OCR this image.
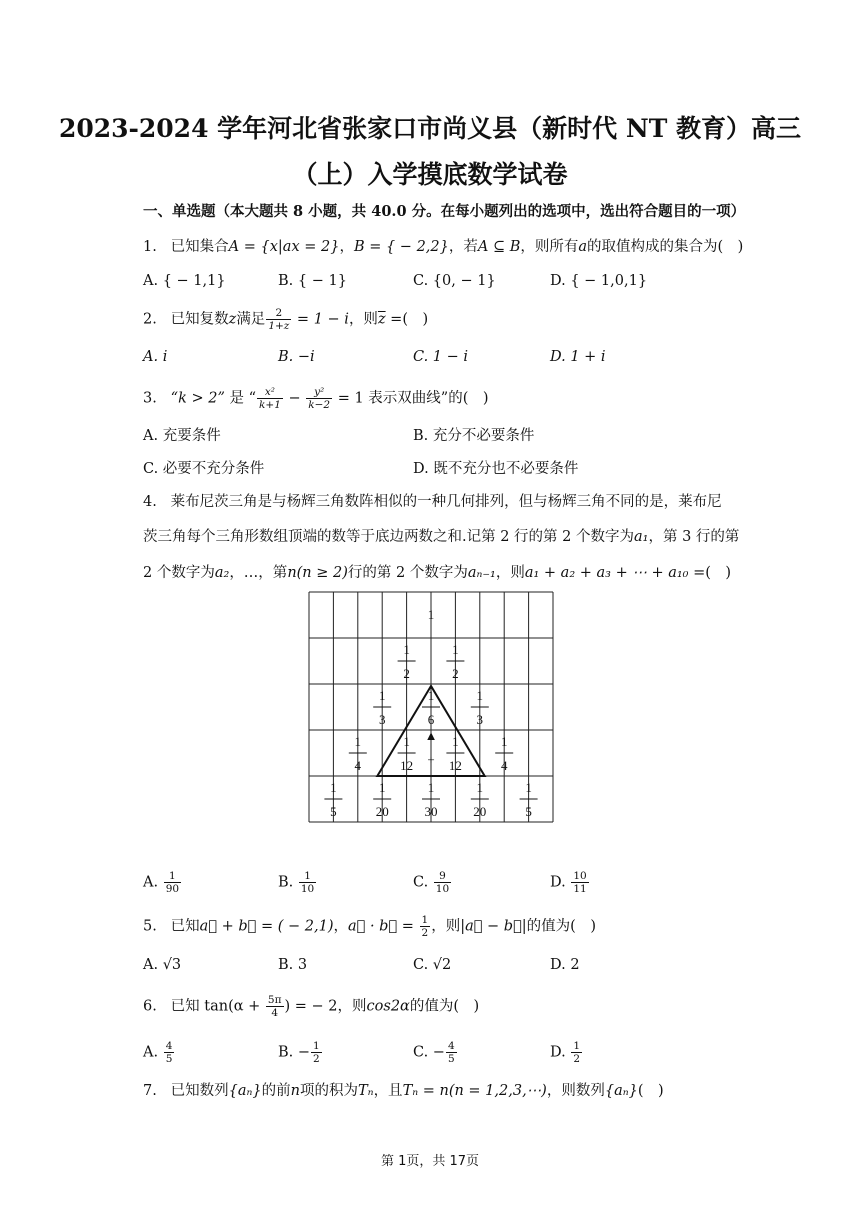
2023-2024 学年河北省张家口市尚义县（新时代 NT 教育）高三
（上）入学摸底数学试卷
一、单选题（本大题共 8 小题，共 40.0 分。在每小题列出的选项中，选出符合题目的一项）
1. 已知集合A = {x|ax = 2}，B = { − 2,2}，若A ⊆ B，则所有a的取值构成的集合为(　)
A. { − 1,1}	B. { − 1}	C. {0, − 1}	D. { − 1,0,1}
2. 已知复数z满足 $\frac{2}{1+z} = 1 - i$，则$\overline{z}$ =(　)
A. i	B. −i	C. 1 − i	D. 1 + i
3. “k > 2” 是 “ $\frac{\text{x²}}{k+1} - \frac{\text{y²}}{k-2} = 1$ 表示双曲线”的(　)
A. 充要条件	B. 充分不必要条件
C. 必要不充分条件	D. 既不充分也不必要条件
4. 莱布尼茨三角是与杨辉三角数阵相似的一种几何排列，但与杨辉三角不同的是，莱布尼
茨三角每个三角形数组顶端的数等于底边两数之和.记第 2 行的第 2 个数字为a₁，第 3 行的第
2 个数字为a₂，…，第n(n ≥ 2)行的第 2 个数字为aₙ₋₁，则a₁ + a₂ + a₃ + ⋯ + a₁₀ =(　)
1
1
2
1
2
1
3
1
6
1
3
1
4
1
12
1
12
1
4
1
5
1
20
1
30
1
20
1
5
▲
+
A. $\frac{1}{90}$	B. $\frac{1}{10}$	C. $\frac{9}{10}$	D. $\frac{10}{11}$
5. 已知a⃗ + b⃗ = ( − 2,1)，a⃗ · b⃗ = $\frac{1}{2}$ ，则|a⃗ − b⃗|的值为(　)
A. √3	B. 3	C. √2	D. 2
6. 已知 $\tan(\alpha + \frac{5\pi}{4}$ ) = − 2，则cos2α的值为(　)
A. $\frac{4}{5}$	B. − $\frac{1}{2}$	C. − $\frac{4}{5}$	D. $\frac{1}{2}$
7. 已知数列{aₙ}的前n项的积为Tₙ，且Tₙ = n(n = 1,2,3,⋯)，则数列{aₙ}(　)
第 1页，共 17页
